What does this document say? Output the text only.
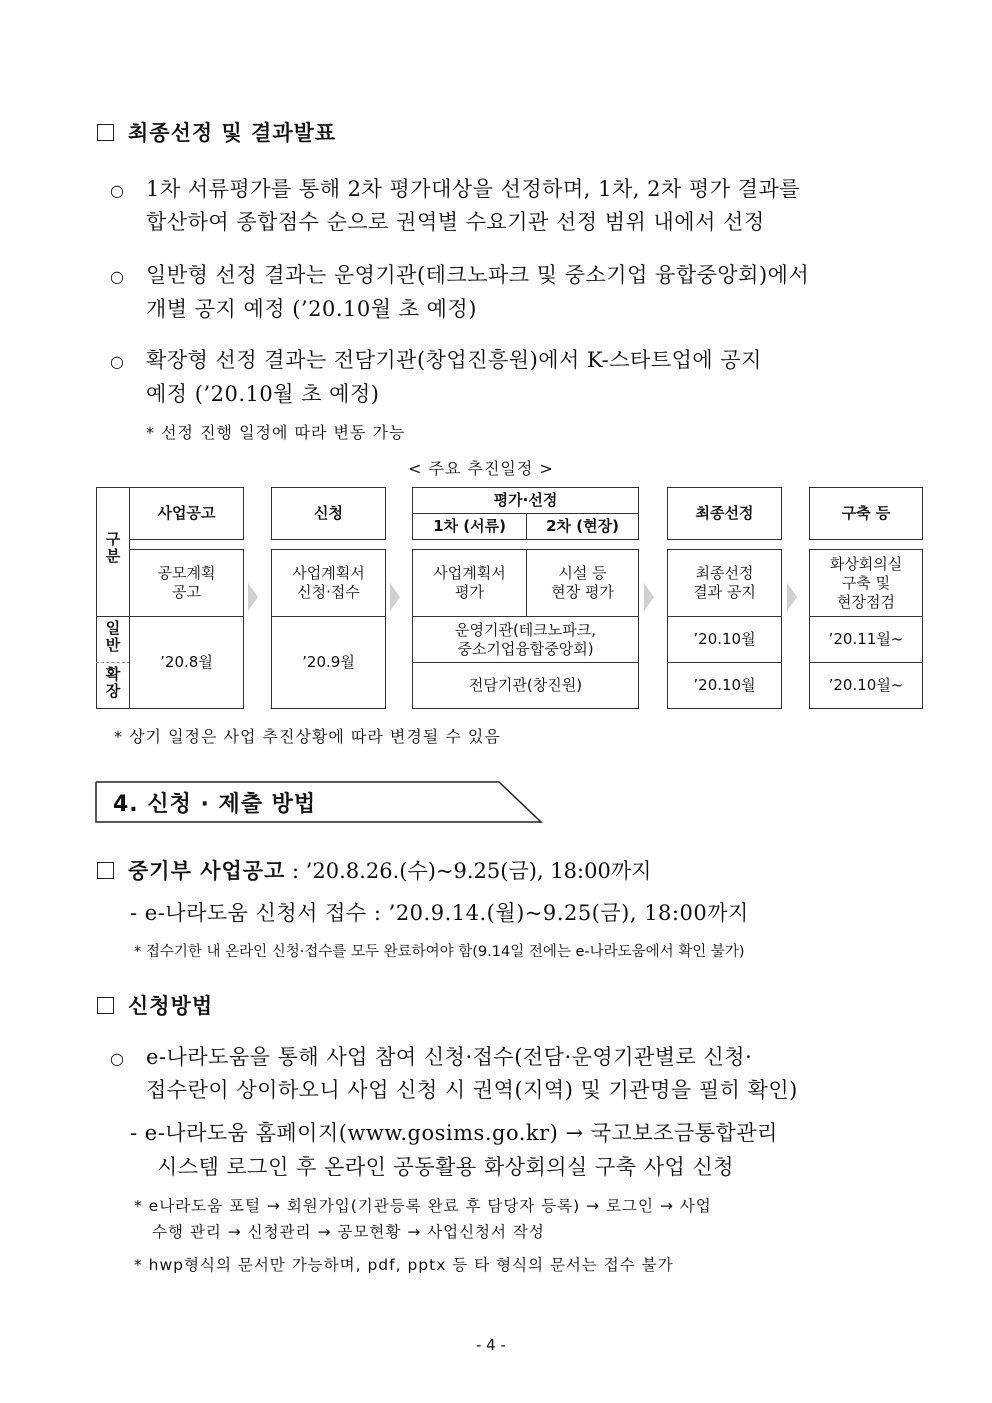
최종선정 및 결과발표
○ 1차 서류평가를 통해 2차 평가대상을 선정하며, 1차, 2차 평가 결과를
합산하여 종합점수 순으로 권역별 수요기관 선정 범위 내에서 선정
○ 일반형 선정 결과는 운영기관(테크노파크 및 중소기업 융합중앙회)에서
개별 공지 예정 (’20.10월 초 예정)
○ 확장형 선정 결과는 전담기관(창업진흥원)에서 K-스타트업에 공지
예정 (’20.10월 초 예정)
* 선정 진행 일정에 따라 변동 가능
< 주요 추진일정 >
구
분
일
반
확
장
사업공고
공모계획
공고
’20.8월
신청
사업계획서
신청·접수
’20.9월
평가·선정
1차 (서류)	2차 (현장)
사업계획서
평가
시설 등
현장 평가
운영기관(테크노파크,
중소기업융합중앙회)
전담기관(창진원)
최종선정
최종선정
결과 공지
’20.10월
’20.10월
구축 등
화상회의실
구축 및
현장점검
’20.11월~
’20.10월~
* 상기 일정은 사업 추진상황에 따라 변경될 수 있음
4. 신청 · 제출 방법
중기부 사업공고 : ’20.8.26.(수)~9.25(금), 18:00까지
- e-나라도움 신청서 접수 : ’20.9.14.(월)~9.25(금), 18:00까지
* 접수기한 내 온라인 신청·접수를 모두 완료하여야 함(9.14일 전에는 e-나라도움에서 확인 불가)
신청방법
○ e-나라도움을 통해 사업 참여 신청·접수(전담·운영기관별로 신청·
접수란이 상이하오니 사업 신청 시 권역(지역) 및 기관명을 필히 확인)
- e-나라도움 홈페이지(www.gosims.go.kr) → 국고보조금통합관리
시스템 로그인 후 온라인 공동활용 화상회의실 구축 사업 신청
* e나라도움 포털 → 회원가입(기관등록 완료 후 담당자 등록) → 로그인 → 사업
수행 관리 → 신청관리 → 공모현황 → 사업신청서 작성
* hwp형식의 문서만 가능하며, pdf, pptx 등 타 형식의 문서는 접수 불가
- 4 -
